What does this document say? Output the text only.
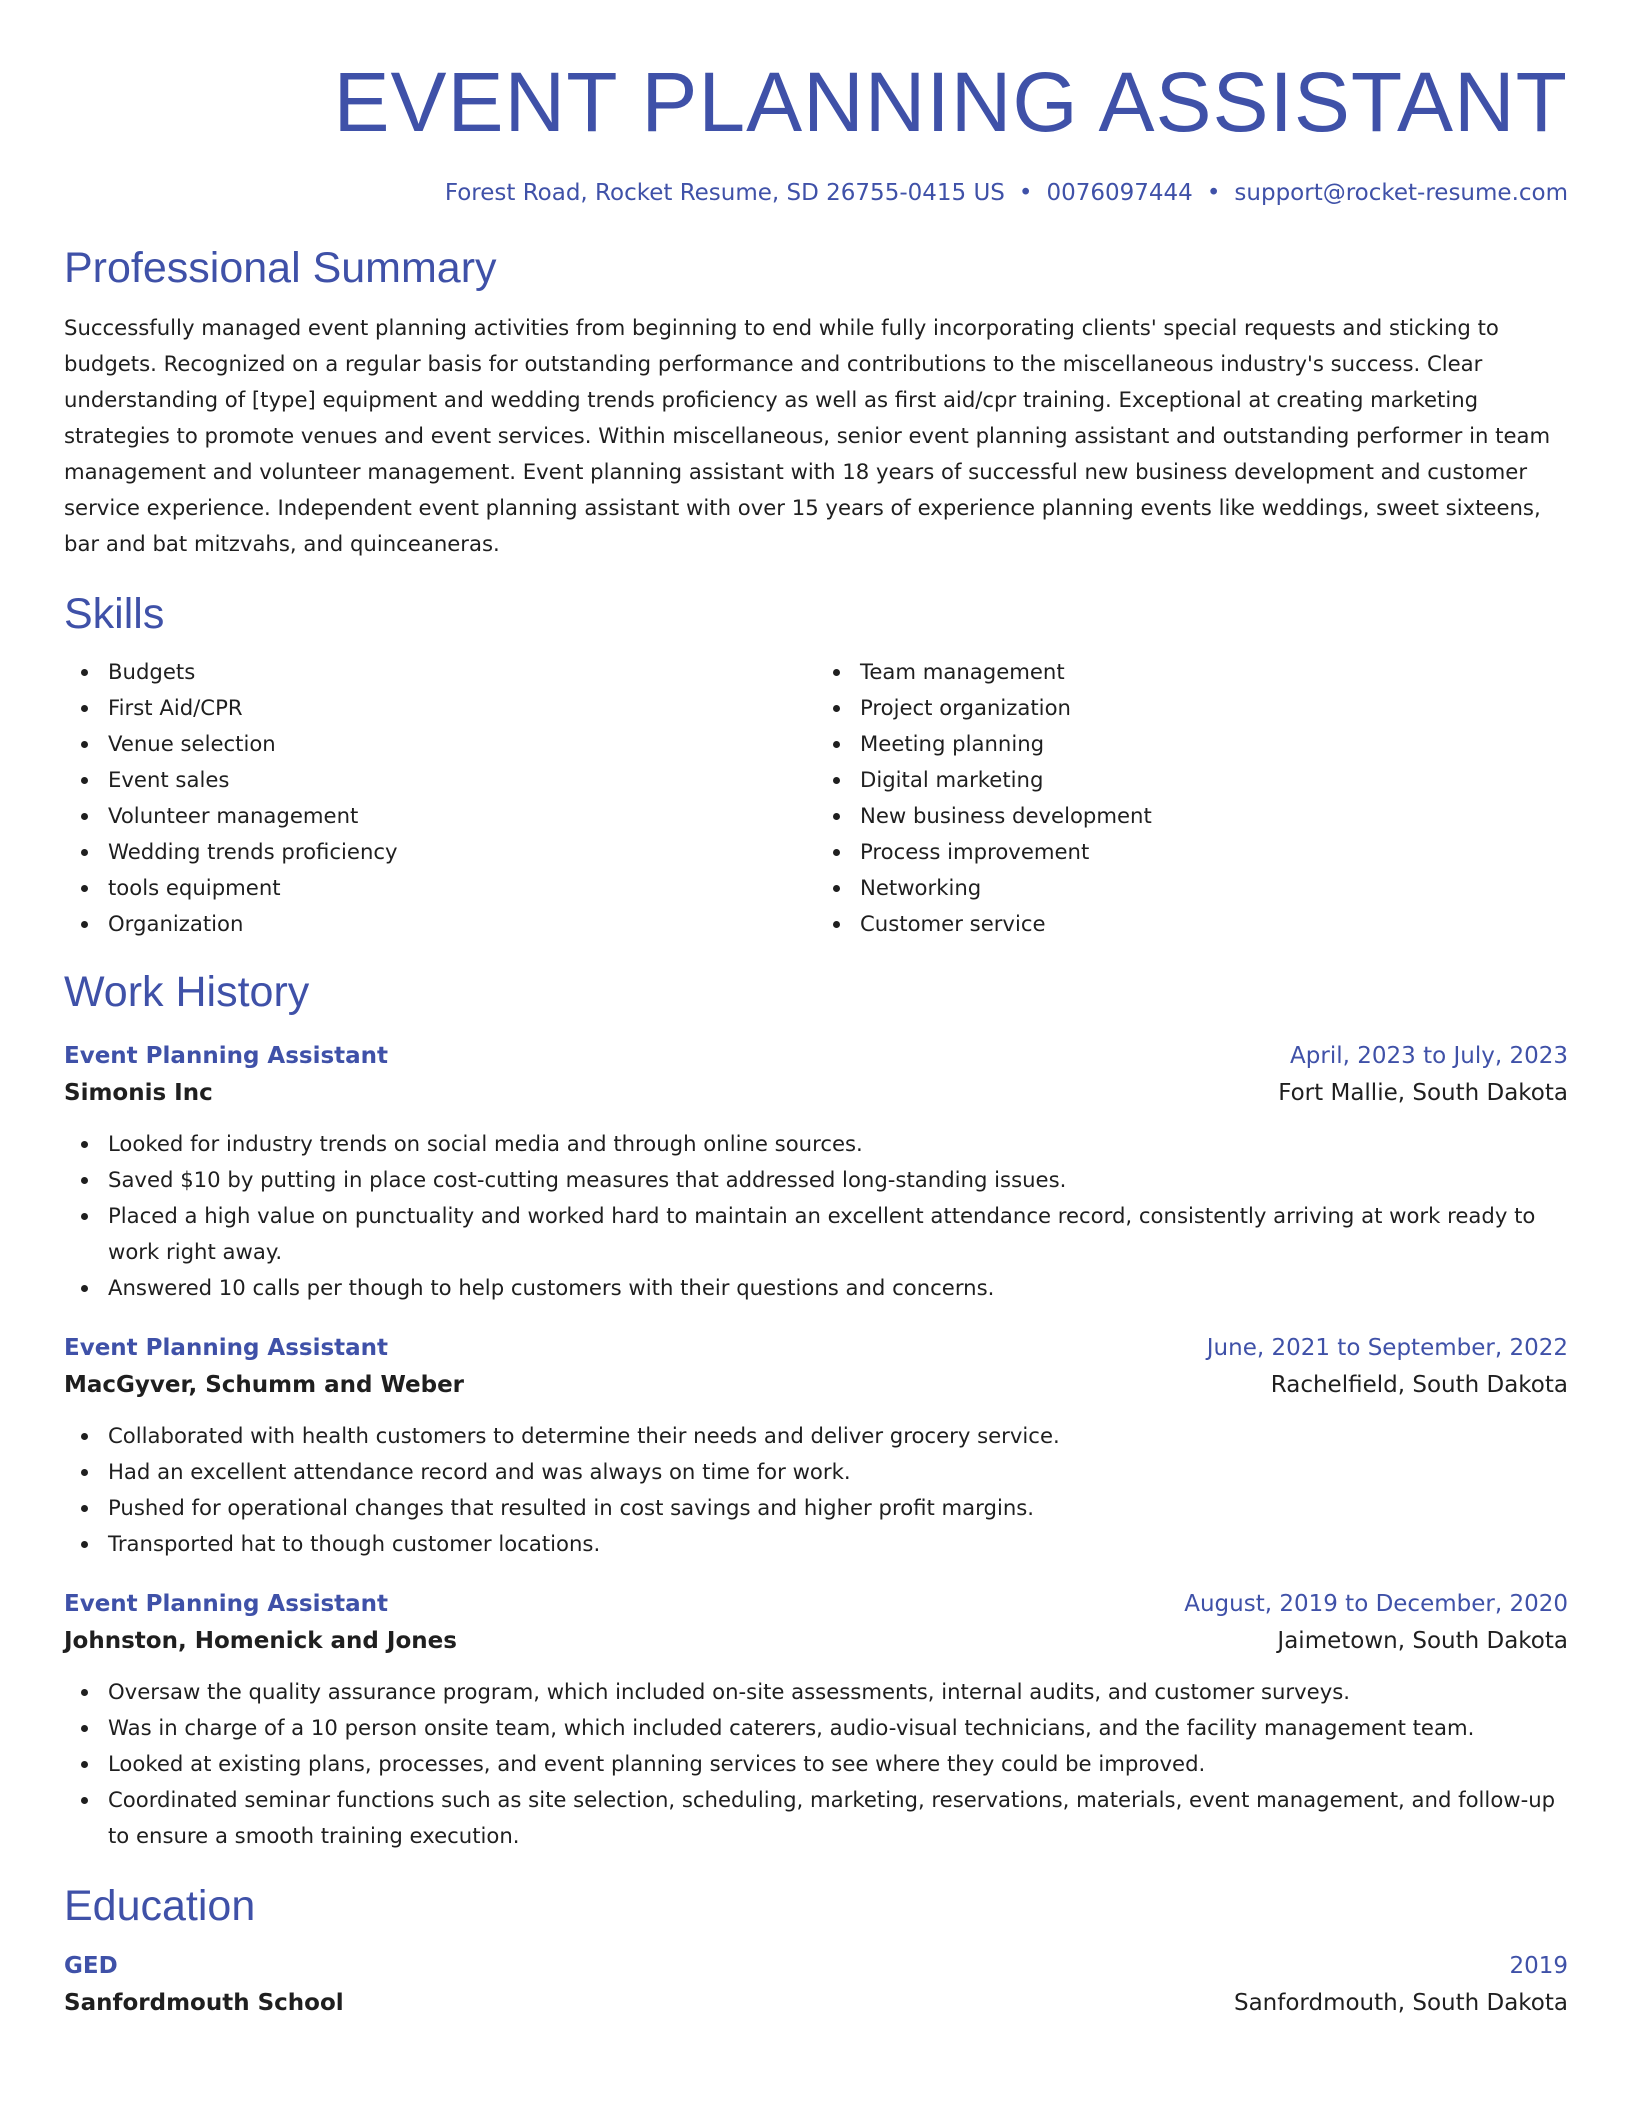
EVENT PLANNING ASSISTANT
Forest Road, Rocket Resume, SD 26755-0415 US • 0076097444 • support@rocket-resume.com
Professional Summary

Successfully managed event planning activities from beginning to end while fully incorporating clients' special requests and sticking to budgets. Recognized on a regular basis for outstanding performance and contributions to the miscellaneous industry's success. Clear understanding of [type] equipment and wedding trends proficiency as well as first aid/cpr training. Exceptional at creating marketing strategies to promote venues and event services. Within miscellaneous, senior event planning assistant and outstanding performer in team management and volunteer management. Event planning assistant with 18 years of successful new business development and customer service experience. Independent event planning assistant with over 15 years of experience planning events like weddings, sweet sixteens, bar and bat mitzvahs, and quinceaneras.

Skills
Budgets
First Aid/CPR
Venue selection
Event sales
Volunteer management
Wedding trends proficiency
tools equipment
Organization
Team management
Project organization
Meeting planning
Digital marketing
New business development
Process improvement
Networking
Customer service
Work History
Event Planning Assistant	April, 2023 to July, 2023
Simonis Inc	Fort Mallie, South Dakota
Looked for industry trends on social media and through online sources.
Saved $10 by putting in place cost-cutting measures that addressed long-standing issues.
Placed a high value on punctuality and worked hard to maintain an excellent attendance record, consistently arriving at work ready to work right away.
Answered 10 calls per though to help customers with their questions and concerns.
Event Planning Assistant	June, 2021 to September, 2022
MacGyver, Schumm and Weber	Rachelfield, South Dakota
Collaborated with health customers to determine their needs and deliver grocery service.
Had an excellent attendance record and was always on time for work.
Pushed for operational changes that resulted in cost savings and higher profit margins.
Transported hat to though customer locations.
Event Planning Assistant	August, 2019 to December, 2020
Johnston, Homenick and Jones	Jaimetown, South Dakota
Oversaw the quality assurance program, which included on-site assessments, internal audits, and customer surveys.
Was in charge of a 10 person onsite team, which included caterers, audio-visual technicians, and the facility management team.
Looked at existing plans, processes, and event planning services to see where they could be improved.
Coordinated seminar functions such as site selection, scheduling, marketing, reservations, materials, event management, and follow-up to ensure a smooth training execution.
Education
GED	2019
Sanfordmouth School	Sanfordmouth, South Dakota
